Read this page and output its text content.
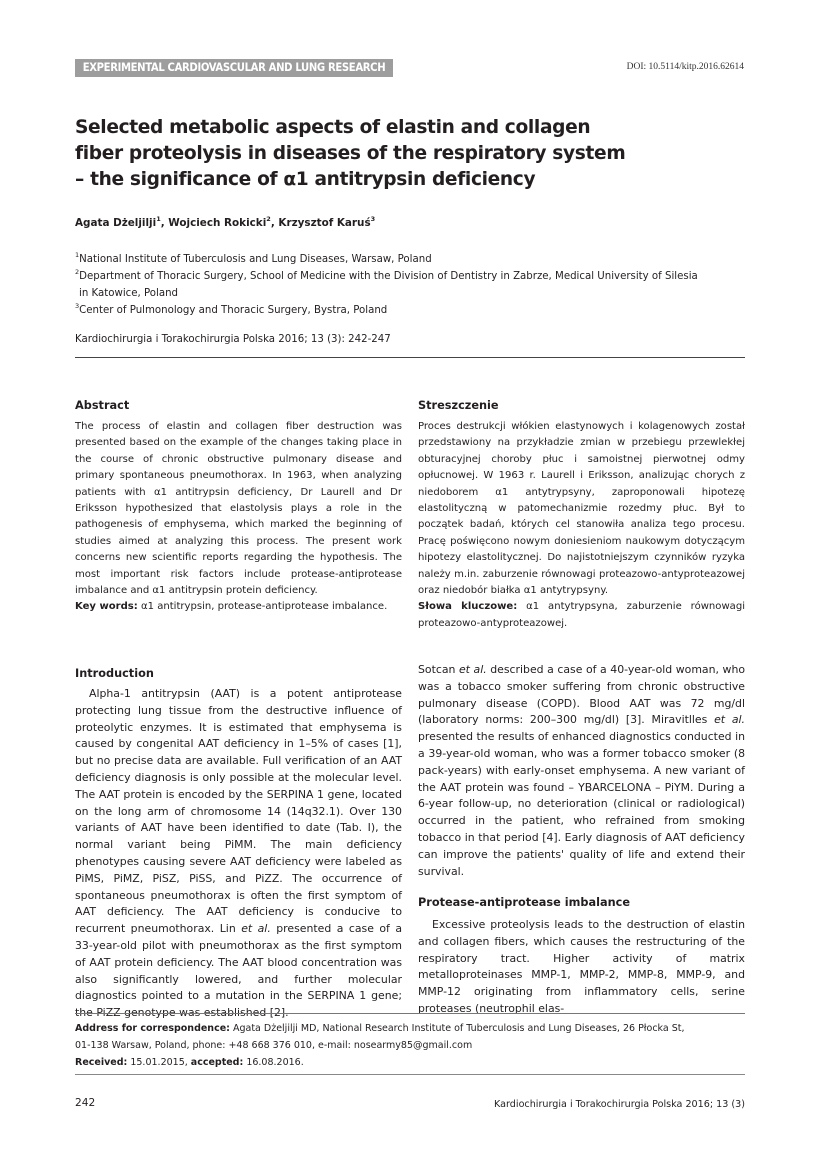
EXPERIMENTAL CARDIOVASCULAR AND LUNG RESEARCH	DOI: 10.5114/kitp.2016.62614
Selected metabolic aspects of elastin and collagen
fiber proteolysis in diseases of the respiratory system
– the significance of α1 antitrypsin deficiency
Agata Dżeljilji$^1$, Wojciech Rokicki$^2$, Krzysztof Karuś$^3$
$^1$National Institute of Tuberculosis and Lung Diseases, Warsaw, Poland
$^2$Department of Thoracic Surgery, School of Medicine with the Division of Dentistry in Zabrze, Medical University of Silesia
in Katowice, Poland
$^3$Center of Pulmonology and Thoracic Surgery, Bystra, Poland
Kardiochirurgia i Torakochirurgia Polska 2016; 13 (3): 242-247
Abstract

The process of elastin and collagen fiber destruction was presented based on the example of the changes taking place in the course of chronic obstructive pulmonary disease and primary spontaneous pneumothorax. In 1963, when analyzing patients with α1 antitrypsin deficiency, Dr Laurell and Dr Eriksson hypothesized that elastolysis plays a role in the pathogenesis of emphysema, which marked the beginning of studies aimed at analyzing this process. The present work concerns new scientific reports regarding the hypothesis. The most important risk factors include protease-antiprotease imbalance and α1 antitrypsin protein deficiency.

Key words: α1 antitrypsin, protease-antiprotease imbalance.

Streszczenie

Proces destrukcji włókien elastynowych i kolagenowych został przedstawiony na przykładzie zmian w przebiegu przewlekłej obturacyjnej choroby płuc i samoistnej pierwotnej odmy opłucnowej. W 1963 r. Laurell i Eriksson, analizując chorych z niedoborem α1 antytrypsyny, zaproponowali hipotezę elastolityczną w patomechanizmie rozedmy płuc. Był to początek badań, których cel stanowiła analiza tego procesu. Pracę poświęcono nowym doniesieniom naukowym dotyczącym hipotezy elastolitycznej. Do najistotniejszym czynników ryzyka należy m.in. zaburzenie równowagi proteazowo-antyproteazowej oraz niedobór białka α1 antytrypsyny.

Słowa kluczowe: α1 antytrypsyna, zaburzenie równowagi proteazowo-antyproteazowej.

Introduction

Alpha-1 antitrypsin (AAT) is a potent antiprotease protecting lung tissue from the destructive influence of proteolytic enzymes. It is estimated that emphysema is caused by congenital AAT deficiency in 1–5% of cases [1], but no precise data are available. Full verification of an AAT deficiency diagnosis is only possible at the molecular level. The AAT protein is encoded by the SERPINA 1 gene, located on the long arm of chromosome 14 (14q32.1). Over 130 variants of AAT have been identified to date (Tab. I), the normal variant being PiMM. The main deficiency phenotypes causing severe AAT deficiency were labeled as PiMS, PiMZ, PiSZ, PiSS, and PiZZ. The occurrence of spontaneous pneumothorax is often the first symptom of AAT deficiency. The AAT deficiency is conducive to recurrent pneumothorax. Lin et al. presented a case of a 33-year-old pilot with pneumothorax as the first symptom of AAT protein deficiency. The AAT blood concentration was also significantly lowered, and further molecular diagnostics pointed to a mutation in the SERPINA 1 gene; the PiZZ genotype was established [2].

Sotcan et al. described a case of a 40-year-old woman, who was a tobacco smoker suffering from chronic obstructive pulmonary disease (COPD). Blood AAT was 72 mg/dl (laboratory norms: 200–300 mg/dl) [3]. Miravitlles et al. presented the results of enhanced diagnostics conducted in a 39-year-old woman, who was a former tobacco smoker (8 pack-years) with early-onset emphysema. A new variant of the AAT protein was found – YBARCELONA – PiYM. During a 6-year follow-up, no deterioration (clinical or radiological) occurred in the patient, who refrained from smoking tobacco in that period [4]. Early diagnosis of AAT deficiency can improve the patients' quality of life and extend their survival.

Protease-antiprotease imbalance

Excessive proteolysis leads to the destruction of elastin and collagen fibers, which causes the restructuring of the respiratory tract. Higher activity of matrix metalloproteinases MMP-1, MMP-2, MMP-8, MMP-9, and MMP-12 originating from inflammatory cells, serine proteases (neutrophil elas-

Address for correspondence: Agata Dżeljilji MD, National Research Institute of Tuberculosis and Lung Diseases, 26 Płocka St,
01-138 Warsaw, Poland, phone: +48 668 376 010, e-mail: nosearmy85@gmail.com
Received: 15.01.2015, accepted: 16.08.2016.
242	Kardiochirurgia i Torakochirurgia Polska 2016; 13 (3)
